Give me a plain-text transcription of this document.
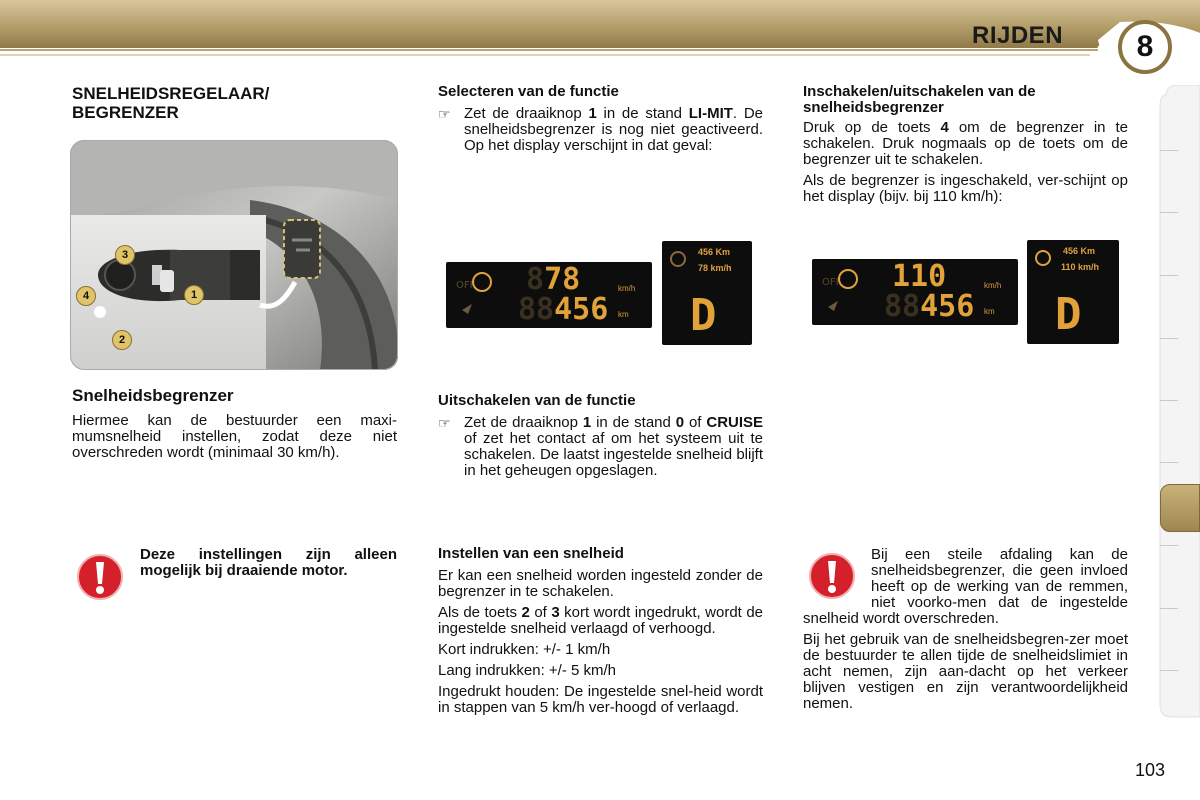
RIJDEN 8
SNELHEIDSREGELAAR/ BEGRENZER
3
4	1
2
Snelheidsbegrenzer

Hiermee kan de bestuurder een maxi-mumsnelheid instellen, zodat deze niet overschreden wordt (minimaal 30 km/h).

Deze instellingen zijn alleen mogelijk bij draaiende motor.
Selecteren van de functie
☞ Zet de draaiknop 1 in de stand LI-MIT. De snelheidsbegrenzer is nog niet geactiveerd. Op het display verschijnt in dat geval:
OFF 878
88456
km/h
km
456 Km
78 km/h
D
Uitschakelen van de functie
☞ Zet de draaiknop 1 in de stand 0 of CRUISE of zet het contact af om het systeem uit te schakelen. De laatst ingestelde snelheid blijft in het geheugen opgeslagen.
Instellen van een snelheid

Er kan een snelheid worden ingesteld zonder de begrenzer in te schakelen.

Als de toets 2 of 3 kort wordt ingedrukt, wordt de ingestelde snelheid verlaagd of verhoogd.

Kort indrukken: +/- 1 km/h

Lang indrukken: +/- 5 km/h

Ingedrukt houden: De ingestelde snel-heid wordt in stappen van 5 km/h ver-hoogd of verlaagd.

Inschakelen/uitschakelen van de snelheidsbegrenzer

Druk op de toets 4 om de begrenzer in te schakelen. Druk nogmaals op de toets om de begrenzer uit te schakelen.

Als de begrenzer is ingeschakeld, ver-schijnt op het display (bijv. bij 110 km/h):

OFF 110
88456
km/h
km
456 Km
110 km/h
D

Bij een steile afdaling kan de snelheidsbegrenzer, die geen invloed heeft op de werking van de remmen, niet voorko-men dat de ingestelde snelheid wordt overschreden.

Bij het gebruik van de snelheidsbegren-zer moet de bestuurder te allen tijde de snelheidslimiet in acht nemen, zijn aan-dacht op het verkeer blijven vestigen en zijn verantwoordelijkheid nemen.

103
